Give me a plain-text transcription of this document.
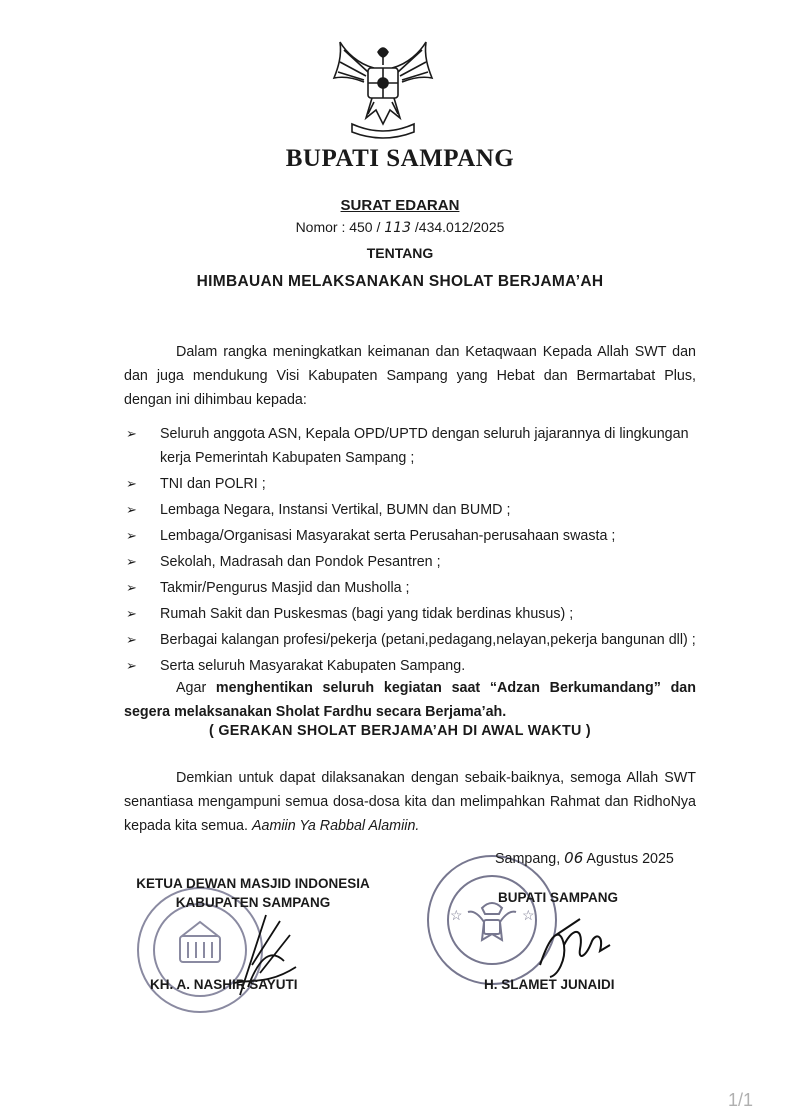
BUPATI SAMPANG
SURAT EDARAN
Nomor : 450 / 113 /434.012/2025
TENTANG
HIMBAUAN MELAKSANAKAN SHOLAT BERJAMA’AH
Dalam rangka meningkatkan keimanan dan Ketaqwaan Kepada Allah SWT dan dan juga mendukung Visi Kabupaten Sampang yang Hebat dan Bermartabat Plus, dengan ini dihimbau kepada:
➢ Seluruh anggota ASN, Kepala OPD/UPTD dengan seluruh jajarannya di lingkungan kerja Pemerintah Kabupaten Sampang ;
➢ TNI dan POLRI ;
➢ Lembaga Negara, Instansi Vertikal, BUMN dan BUMD ;
➢ Lembaga/Organisasi Masyarakat serta Perusahan-perusahaan swasta ;
➢ Sekolah, Madrasah dan Pondok Pesantren ;
➢ Takmir/Pengurus Masjid dan Musholla ;
➢ Rumah Sakit dan Puskesmas (bagi yang tidak berdinas khusus) ;
➢ Berbagai kalangan profesi/pekerja (petani,pedagang,nelayan,pekerja bangunan dll) ;
➢ Serta seluruh Masyarakat Kabupaten Sampang.
Agar menghentikan seluruh kegiatan saat “Adzan Berkumandang” dan segera melaksanakan Sholat Fardhu secara Berjama’ah.
( GERAKAN SHOLAT BERJAMA’AH DI AWAL WAKTU )
Demkian untuk dapat dilaksanakan dengan sebaik-baiknya, semoga Allah SWT senantiasa mengampuni semua dosa-dosa kita dan melimpahkan Rahmat dan RidhoNya kepada kita semua. Aamiin Ya Rabbal Alamiin.
☆	☆
Sampang, 06 Agustus 2025
KETUA DEWAN MASJID INDONESIA
KABUPATEN SAMPANG
KH. A. NASHIR SAYUTI
BUPATI SAMPANG
H. SLAMET JUNAIDI
1/1
